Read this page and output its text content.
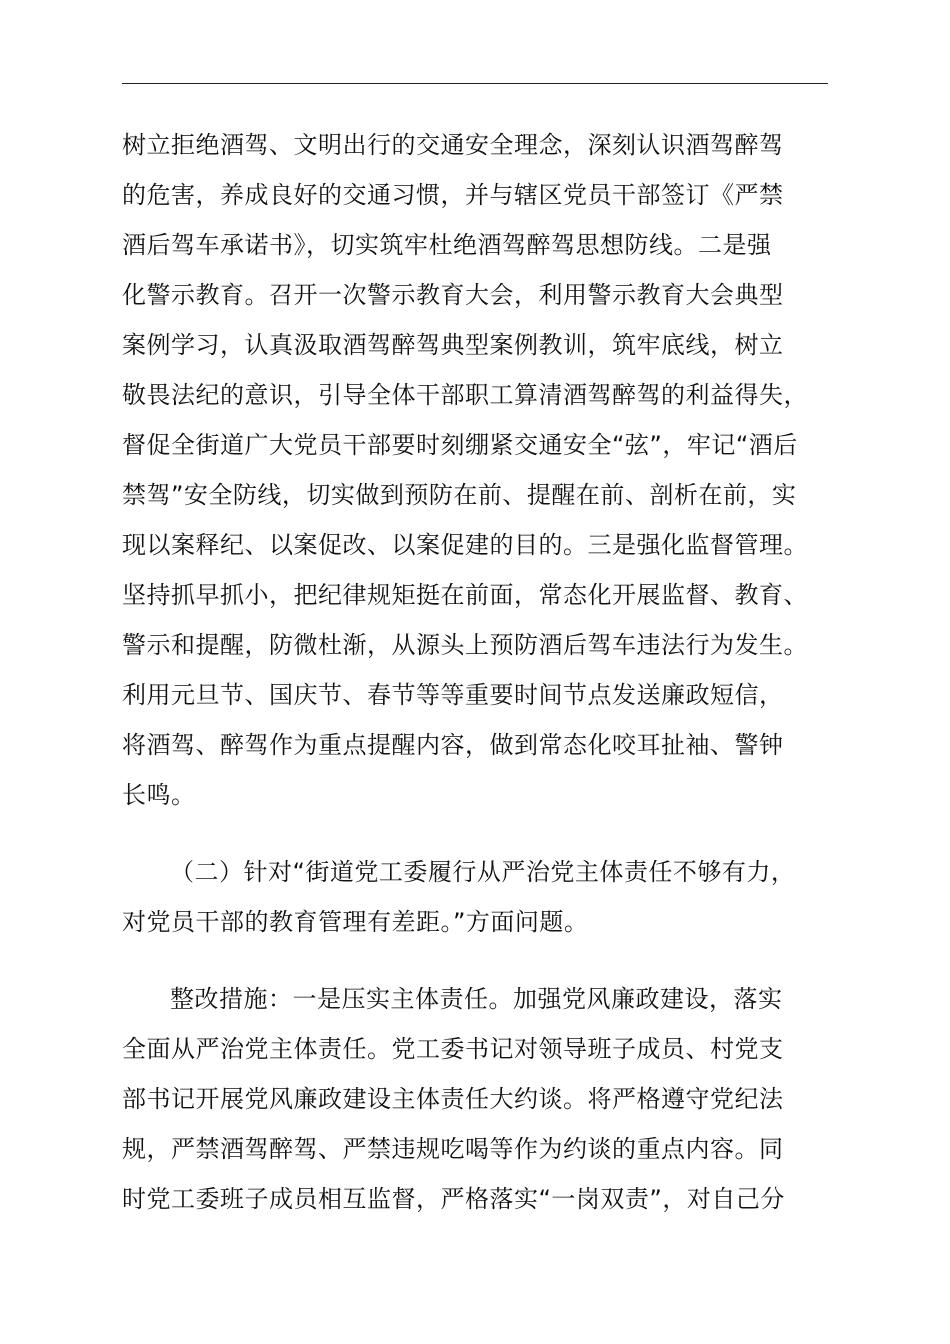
树立拒绝酒驾、文明出行的交通安全理念，深刻认识酒驾醉驾
的危害，养成良好的交通习惯，并与辖区党员干部签订《严禁
酒后驾车承诺书》，切实筑牢杜绝酒驾醉驾思想防线。二是强
化警示教育。召开一次警示教育大会，利用警示教育大会典型
案例学习，认真汲取酒驾醉驾典型案例教训，筑牢底线，树立
敬畏法纪的意识，引导全体干部职工算清酒驾醉驾的利益得失，
督促全街道广大党员干部要时刻绷紧交通安全“弦”，牢记“酒后
禁驾”安全防线，切实做到预防在前、提醒在前、剖析在前，实
现以案释纪、以案促改、以案促建的目的。三是强化监督管理。
坚持抓早抓小，把纪律规矩挺在前面，常态化开展监督、教育、
警示和提醒，防微杜渐，从源头上预防酒后驾车违法行为发生。
利用元旦节、国庆节、春节等等重要时间节点发送廉政短信，
将酒驾、醉驾作为重点提醒内容，做到常态化咬耳扯袖、警钟
长鸣。
（二）针对“街道党工委履行从严治党主体责任不够有力，
对党员干部的教育管理有差距。”方面问题。
整改措施：一是压实主体责任。加强党风廉政建设，落实
全面从严治党主体责任。党工委书记对领导班子成员、村党支
部书记开展党风廉政建设主体责任大约谈。将严格遵守党纪法
规，严禁酒驾醉驾、严禁违规吃喝等作为约谈的重点内容。同
时党工委班子成员相互监督，严格落实“一岗双责”，对自己分
